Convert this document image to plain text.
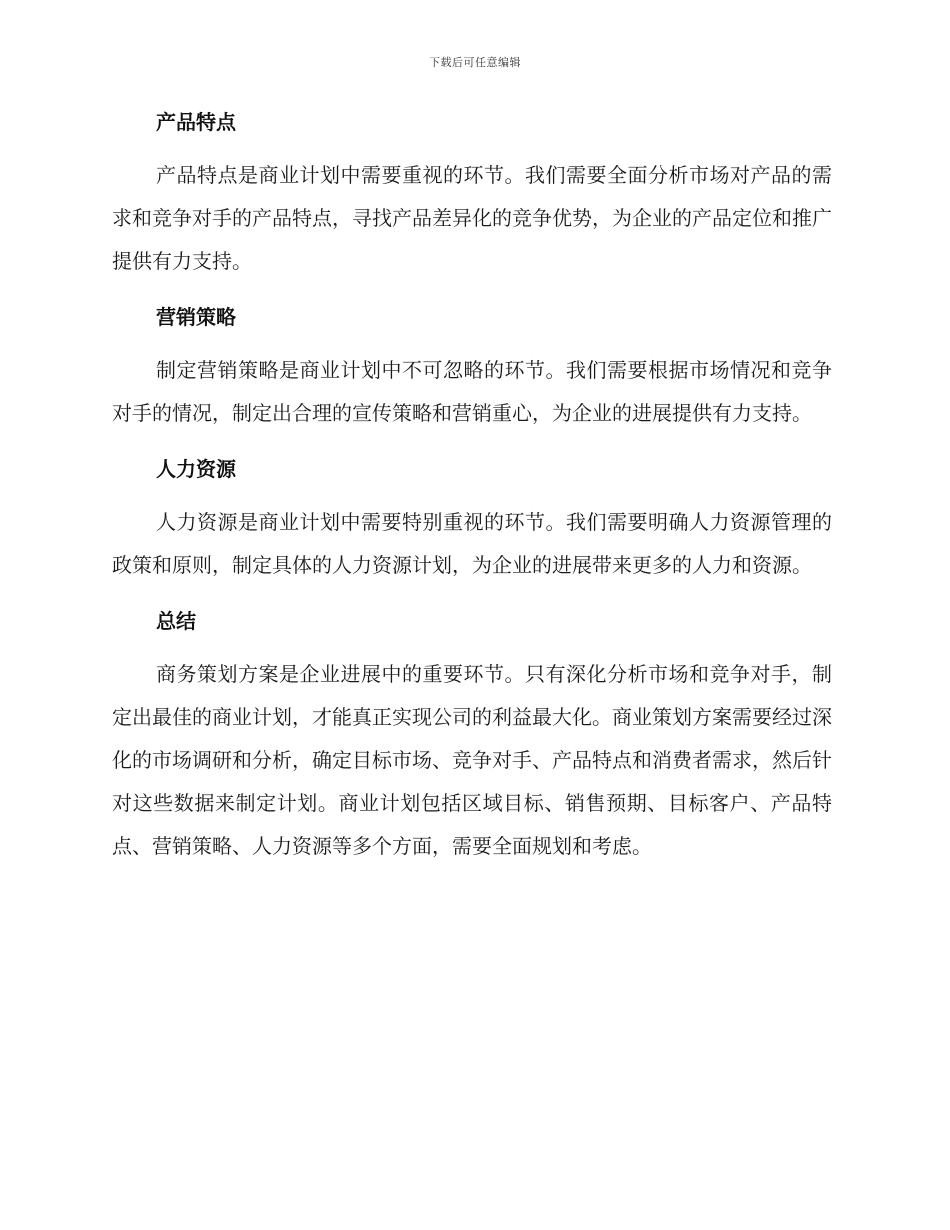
下载后可任意编辑
产品特点

产品特点是商业计划中需要重视的环节。我们需要全面分析市场对产品的需求和竞争对手的产品特点，寻找产品差异化的竞争优势，为企业的产品定位和推广提供有力支持。

营销策略

制定营销策略是商业计划中不可忽略的环节。我们需要根据市场情况和竞争对手的情况，制定出合理的宣传策略和营销重心，为企业的进展提供有力支持。

人力资源

人力资源是商业计划中需要特别重视的环节。我们需要明确人力资源管理的政策和原则，制定具体的人力资源计划，为企业的进展带来更多的人力和资源。

总结

商务策划方案是企业进展中的重要环节。只有深化分析市场和竞争对手，制定出最佳的商业计划，才能真正实现公司的利益最大化。商业策划方案需要经过深化的市场调研和分析，确定目标市场、竞争对手、产品特点和消费者需求，然后针对这些数据来制定计划。商业计划包括区域目标、销售预期、目标客户、产品特点、营销策略、人力资源等多个方面，需要全面规划和考虑。
